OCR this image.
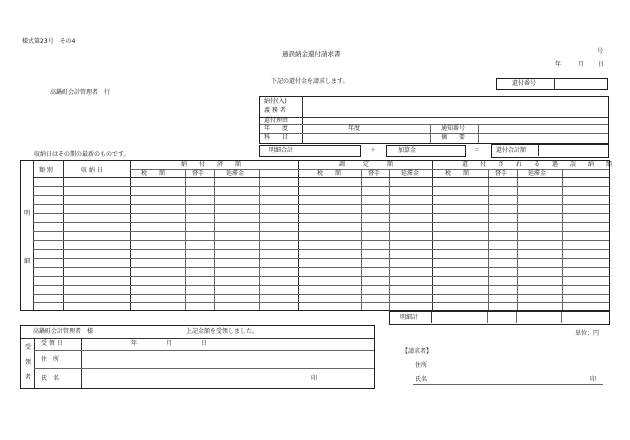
様式第23号　その4
過誤納金還付請求書	号
年	月 日
下記の還付金を請求します。	還付番号
高鍋町会計管理者　行
納付(入)
義 務 者
還付理由
年　　度	年度	通知番号
科　　目	摘　　要
明細合計	＋	加算金	＝	還付合計額
収納日はその期の最新のものです。
明
細
類 別	収 納 日
納　　付　　済　　額	調　　　定　　　額	還　　付　　さ　　れ　　る　　過　　誤　　納　　額
税　　額	督手	延滞金	税　　額	督手	延滞金	税　　額	督手	延滞金
明細計
単位：円
高鍋町会計管理者　様	上記金額を受領しました。
受
領
者
受 領 日	年	月	日
住　所
氏　名	印
【請求者】
住所
氏名	印
